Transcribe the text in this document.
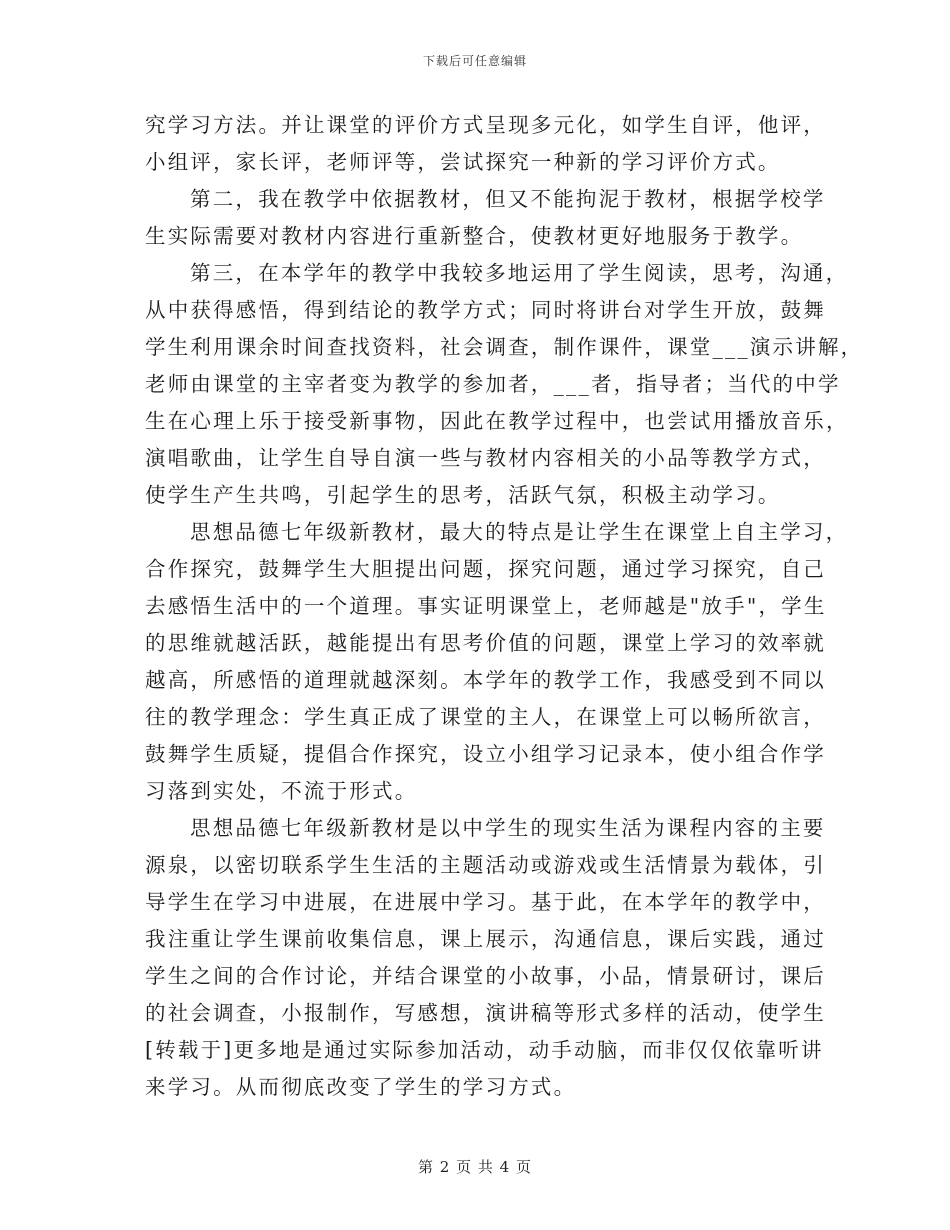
下载后可任意编辑
究学习方法。并让课堂的评价方式呈现多元化，如学生自评，他评，
小组评，家长评，老师评等，尝试探究一种新的学习评价方式。
第二，我在教学中依据教材，但又不能拘泥于教材，根据学校学
生实际需要对教材内容进行重新整合，使教材更好地服务于教学。
第三，在本学年的教学中我较多地运用了学生阅读，思考，沟通，
从中获得感悟，得到结论的教学方式；同时将讲台对学生开放，鼓舞
学生利用课余时间查找资料，社会调查，制作课件，课堂___演示讲解，
老师由课堂的主宰者变为教学的参加者，___者，指导者；当代的中学
生在心理上乐于接受新事物，因此在教学过程中，也尝试用播放音乐，
演唱歌曲，让学生自导自演一些与教材内容相关的小品等教学方式，
使学生产生共鸣，引起学生的思考，活跃气氛，积极主动学习。
思想品德七年级新教材，最大的特点是让学生在课堂上自主学习，
合作探究，鼓舞学生大胆提出问题，探究问题，通过学习探究，自己
去感悟生活中的一个道理。事实证明课堂上，老师越是"放手"，学生
的思维就越活跃，越能提出有思考价值的问题，课堂上学习的效率就
越高，所感悟的道理就越深刻。本学年的教学工作，我感受到不同以
往的教学理念：学生真正成了课堂的主人，在课堂上可以畅所欲言，
鼓舞学生质疑，提倡合作探究，设立小组学习记录本，使小组合作学
习落到实处，不流于形式。
思想品德七年级新教材是以中学生的现实生活为课程内容的主要
源泉，以密切联系学生生活的主题活动或游戏或生活情景为载体，引
导学生在学习中进展，在进展中学习。基于此，在本学年的教学中，
我注重让学生课前收集信息，课上展示，沟通信息，课后实践，通过
学生之间的合作讨论，并结合课堂的小故事，小品，情景研讨，课后
的社会调查，小报制作，写感想，演讲稿等形式多样的活动，使学生
[转载于]更多地是通过实际参加活动，动手动脑，而非仅仅依靠听讲
来学习。从而彻底改变了学生的学习方式。
第 2 页 共 4 页
